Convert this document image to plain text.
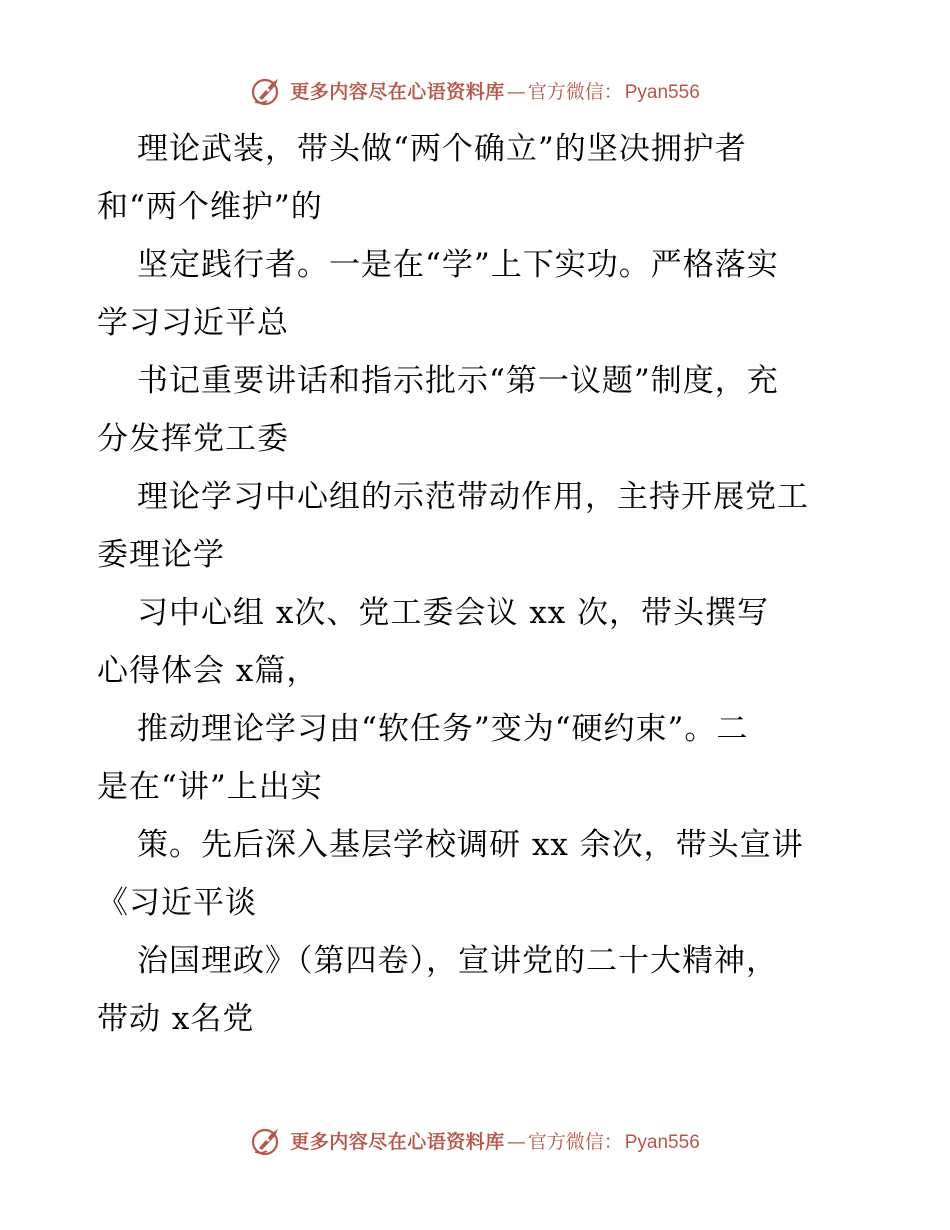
更多内容尽在心语资料库 — 官方微信： Pyan556
理论武装，带头做“两个确立”的坚决拥护者
和“两个维护”的
坚定践行者。一是在“学”上下实功。严格落实
学习习近平总
书记重要讲话和指示批示“第一议题”制度，充
分发挥党工委
理论学习中心组的示范带动作用，主持开展党工
委理论学
习中心组 x次、党工委会议 xx 次，带头撰写
心得体会 x篇，
推动理论学习由“软任务”变为“硬约束”。二
是在“讲”上出实
策。先后深入基层学校调研 xx 余次，带头宣讲
《习近平谈
治国理政》（第四卷），宣讲党的二十大精神，
带动 x名党
更多内容尽在心语资料库 — 官方微信： Pyan556
